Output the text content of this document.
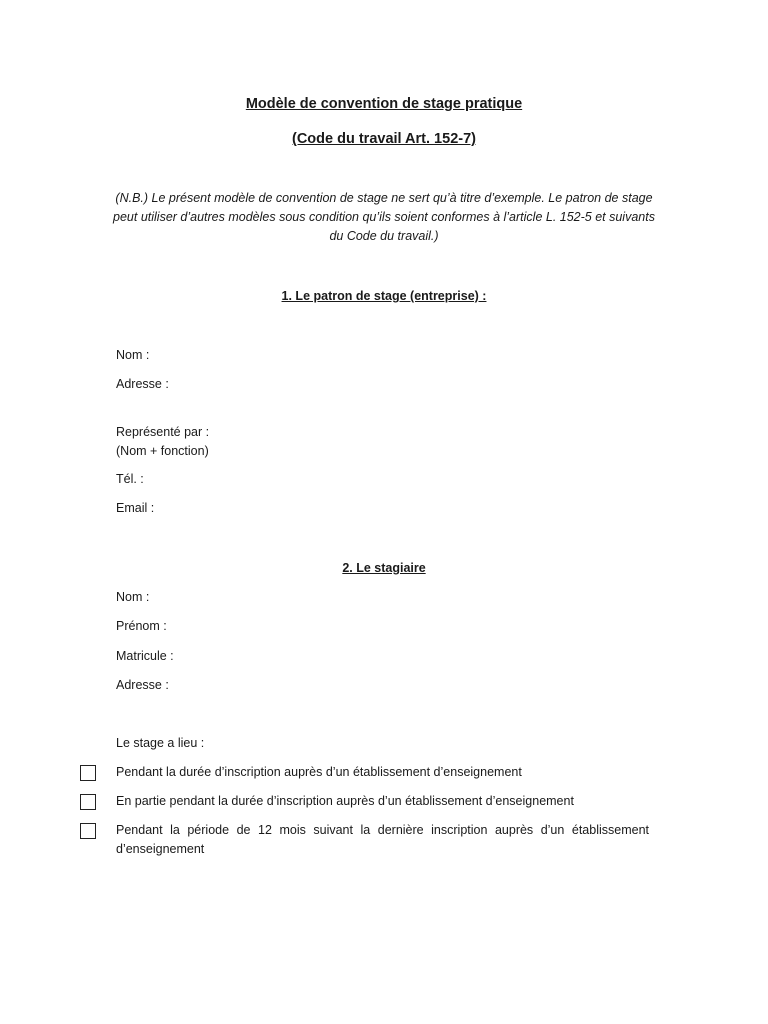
Modèle de convention de stage pratique
(Code du travail Art. 152-7)
(N.B.) Le présent modèle de convention de stage ne sert qu’à titre d’exemple. Le patron de stage peut utiliser d’autres modèles sous condition qu’ils soient conformes à l’article L. 152-5 et suivants du Code du travail.)
1. Le patron de stage (entreprise) :
Nom :
Adresse :
Représenté par :
(Nom + fonction)
Tél. :
Email :
2. Le stagiaire
Nom :
Prénom :
Matricule :
Adresse :
Le stage a lieu :
Pendant la durée d’inscription auprès d’un établissement d’enseignement
En partie pendant la durée d’inscription auprès d’un établissement d’enseignement
Pendant la période de 12 mois suivant la dernière inscription auprès d’un établissement d’enseignement
